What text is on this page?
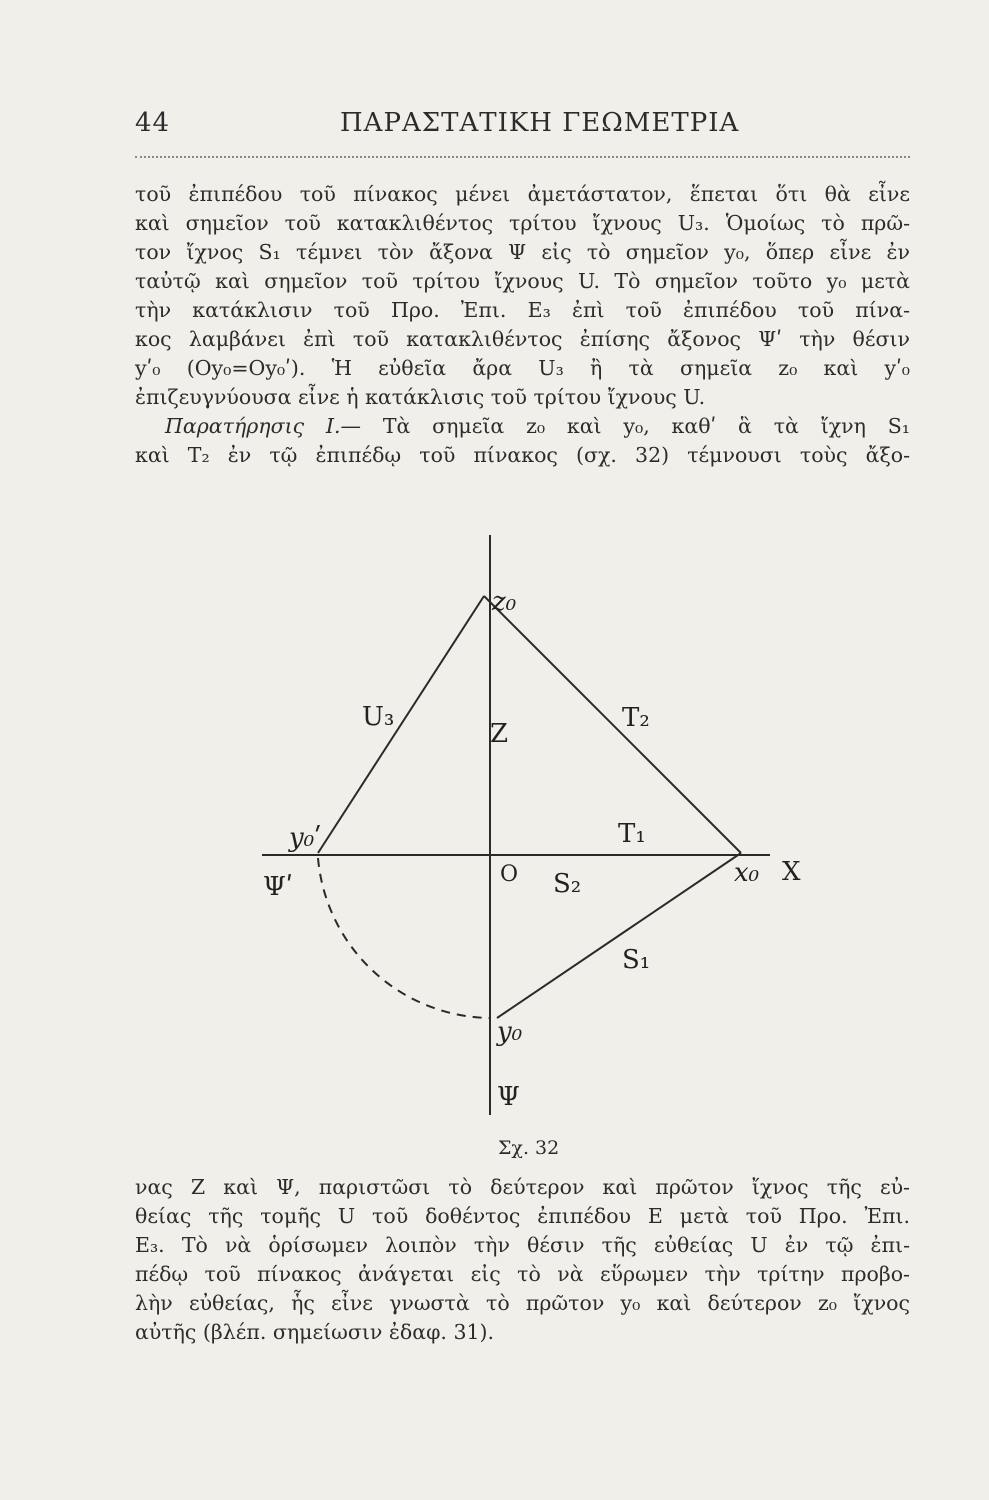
44	ΠΑΡΑΣΤΑΤΙΚΗ ΓΕΩΜΕΤΡΙΑ
τοῦ ἐπιπέδου τοῦ πίνακος μένει ἀμετάστατον, ἕπεται ὅτι θὰ εἶνε
καὶ σημεῖον τοῦ κατακλιθέντος τρίτου ἴχνους U₃. Ὁμοίως τὸ πρῶ-
τον ἴχνος S₁ τέμνει τὸν ἄξονα Ψ εἰς τὸ σημεῖον y₀, ὅπερ εἶνε ἐν
ταὐτῷ καὶ σημεῖον τοῦ τρίτου ἴχνους U. Τὸ σημεῖον τοῦτο y₀ μετὰ
τὴν κατάκλισιν τοῦ Προ. Ἐπι. E₃ ἐπὶ τοῦ ἐπιπέδου τοῦ πίνα-
κος λαμβάνει ἐπὶ τοῦ κατακλιθέντος ἐπίσης ἄξονος Ψʹ τὴν θέσιν
yʹ₀ (Oy₀=Oy₀ʹ). Ἡ εὐθεῖα ἄρα U₃ ἢ τὰ σημεῖα z₀ καὶ yʹ₀
ἐπιζευγνύουσα εἶνε ἡ κατάκλισις τοῦ τρίτου ἴχνους U.
Παρατήρησις Ι.— Τὰ σημεῖα z₀ καὶ y₀, καθʹ ἃ τὰ ἴχνη S₁
καὶ T₂ ἐν τῷ ἐπιπέδῳ τοῦ πίνακος (σχ. 32) τέμνουσι τοὺς ἄξο-
z₀
U₃
Z
T₂
T₁
y₀ʹ
Ψʹ	O S₂	x₀ X
S₁
y₀
Ψ
Σχ. 32
νας Z καὶ Ψ, παριστῶσι τὸ δεύτερον καὶ πρῶτον ἴχνος τῆς εὐ-
θείας τῆς τομῆς U τοῦ δοθέντος ἐπιπέδου E μετὰ τοῦ Προ. Ἐπι.
E₃. Τὸ νὰ ὁρίσωμεν λοιπὸν τὴν θέσιν τῆς εὐθείας U ἐν τῷ ἐπι-
πέδῳ τοῦ πίνακος ἀνάγεται εἰς τὸ νὰ εὕρωμεν τὴν τρίτην προβο-
λὴν εὐθείας, ἧς εἶνε γνωστὰ τὸ πρῶτον y₀ καὶ δεύτερον z₀ ἴχνος
αὐτῆς (βλέπ. σημείωσιν ἐδαφ. 31).
